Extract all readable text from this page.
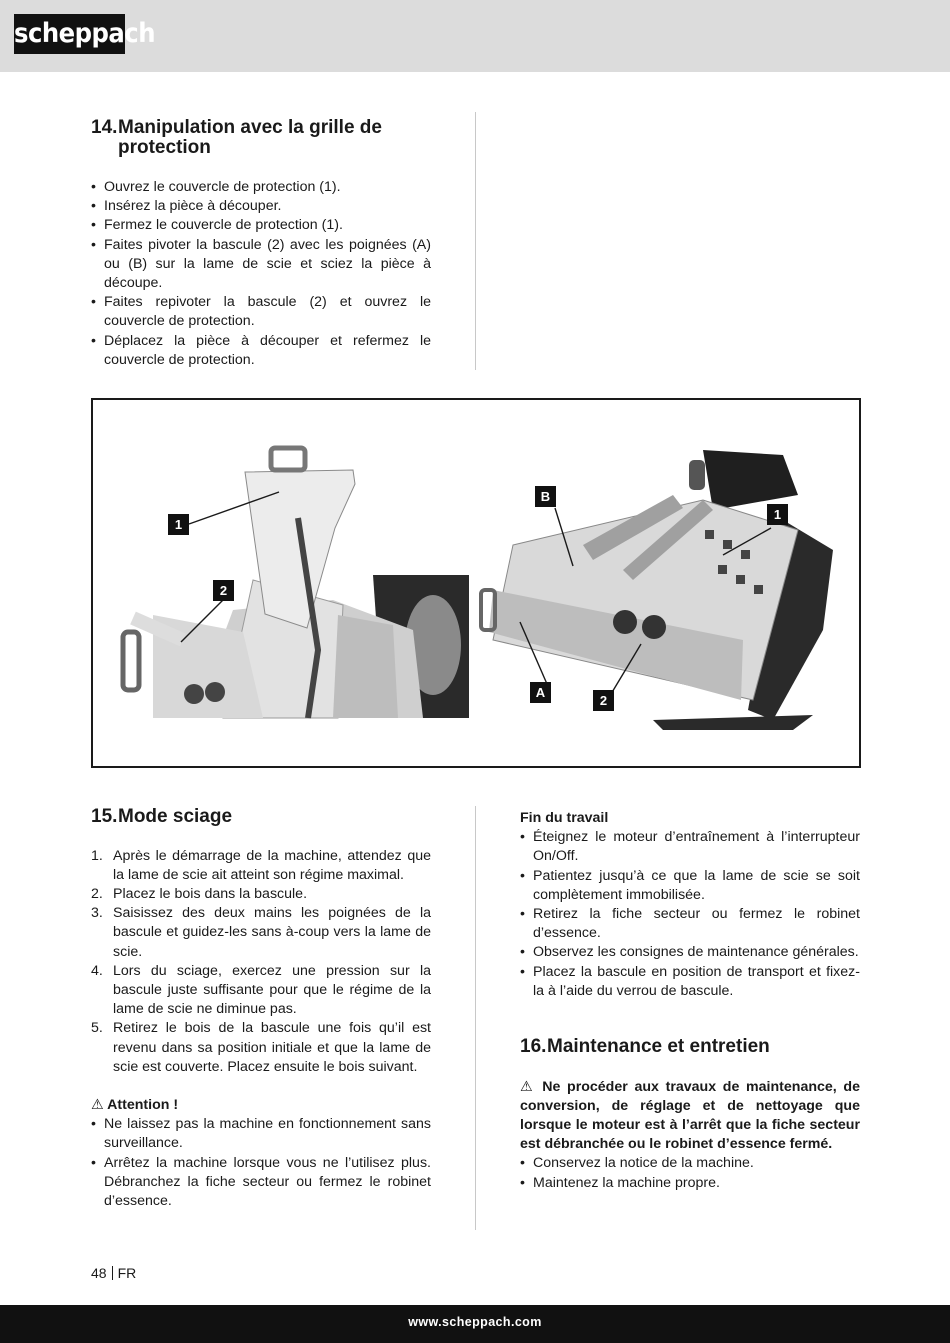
scheppach
14. Manipulation avec la grille de protection
• Ouvrez le couvercle de protection (1).
• Insérez la pièce à découper.
• Fermez le couvercle de protection (1).
• Faites pivoter la bascule (2) avec les poignées (A) ou (B) sur la lame de scie et sciez la pièce à découpe.
• Faites repivoter la bascule (2) et ouvrez le couvercle de protection.
• Déplacez la pièce à découper et refermez le couvercle de protection.
1
2
B
1
A
2
15. Mode sciage
1. Après le démarrage de la machine, attendez que la lame de scie ait atteint son régime maximal.
2. Placez le bois dans la bascule.
3. Saisissez des deux mains les poignées de la bascule et guidez-les sans à-coup vers la lame de scie.
4. Lors du sciage, exercez une pression sur la bascule juste suffisante pour que le régime de la lame de scie ne diminue pas.
5. Retirez le bois de la bascule une fois qu’il est revenu dans sa position initiale et que la lame de scie est couverte. Placez ensuite le bois suivant.
⚠ Attention !
• Ne laissez pas la machine en fonctionnement sans surveillance.
• Arrêtez la machine lorsque vous ne l’utilisez plus. Débranchez la fiche secteur ou fermez le robinet d’essence.
Fin du travail
• Éteignez le moteur d’entraînement à l’interrupteur On/Off.
• Patientez jusqu’à ce que la lame de scie se soit complètement immobilisée.
• Retirez la fiche secteur ou fermez le robinet d’essence.
• Observez les consignes de maintenance générales.
• Placez la bascule en position de transport et fixez-la à l’aide du verrou de bascule.
16. Maintenance et entretien
⚠ Ne procéder aux travaux de maintenance, de conversion, de réglage et de nettoyage que lorsque le moteur est à l’arrêt que la fiche secteur est débranchée ou le robinet d’essence fermé.
• Conservez la notice de la machine.
• Maintenez la machine propre.
48 FR
www.scheppach.com
